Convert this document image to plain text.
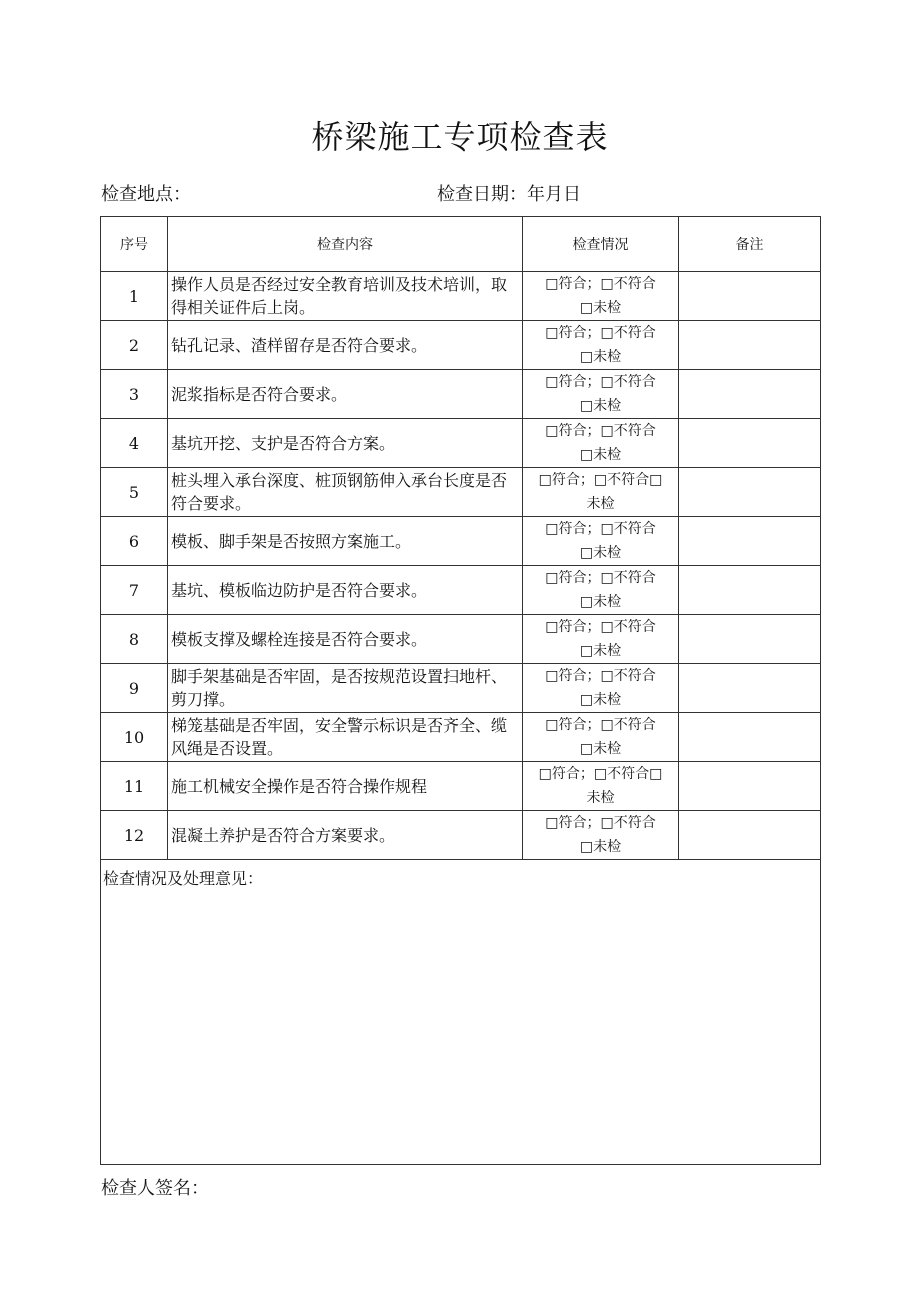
桥梁施工专项检查表
检查地点：	检查日期：年月日
序号	检查内容	检查情况	备注
1	操作人员是否经过安全教育培训及技术培训，取得相关证件后上岗。	□符合；□不符合
□未检	

2	钻孔记录、渣样留存是否符合要求。	□符合；□不符合
□未检	

3	泥浆指标是否符合要求。	□符合；□不符合
□未检	

4	基坑开挖、支护是否符合方案。	□符合；□不符合
□未检	

5	桩头埋入承台深度、桩顶钢筋伸入承台长度是否符合要求。	□符合；□不符合□
未检	

6	模板、脚手架是否按照方案施工。	□符合；□不符合
□未检	

7	基坑、模板临边防护是否符合要求。	□符合；□不符合
□未检	

8	模板支撑及螺栓连接是否符合要求。	□符合；□不符合
□未检	

9	脚手架基础是否牢固，是否按规范设置扫地杆、剪刀撑。	□符合；□不符合
□未检	

10	梯笼基础是否牢固，安全警示标识是否齐全、缆风绳是否设置。	□符合；□不符合
□未检	

11	施工机械安全操作是否符合操作规程	□符合；□不符合□
未检	

12	混凝土养护是否符合方案要求。	□符合；□不符合
□未检	

检查情况及处理意见：			
检查人签名：
